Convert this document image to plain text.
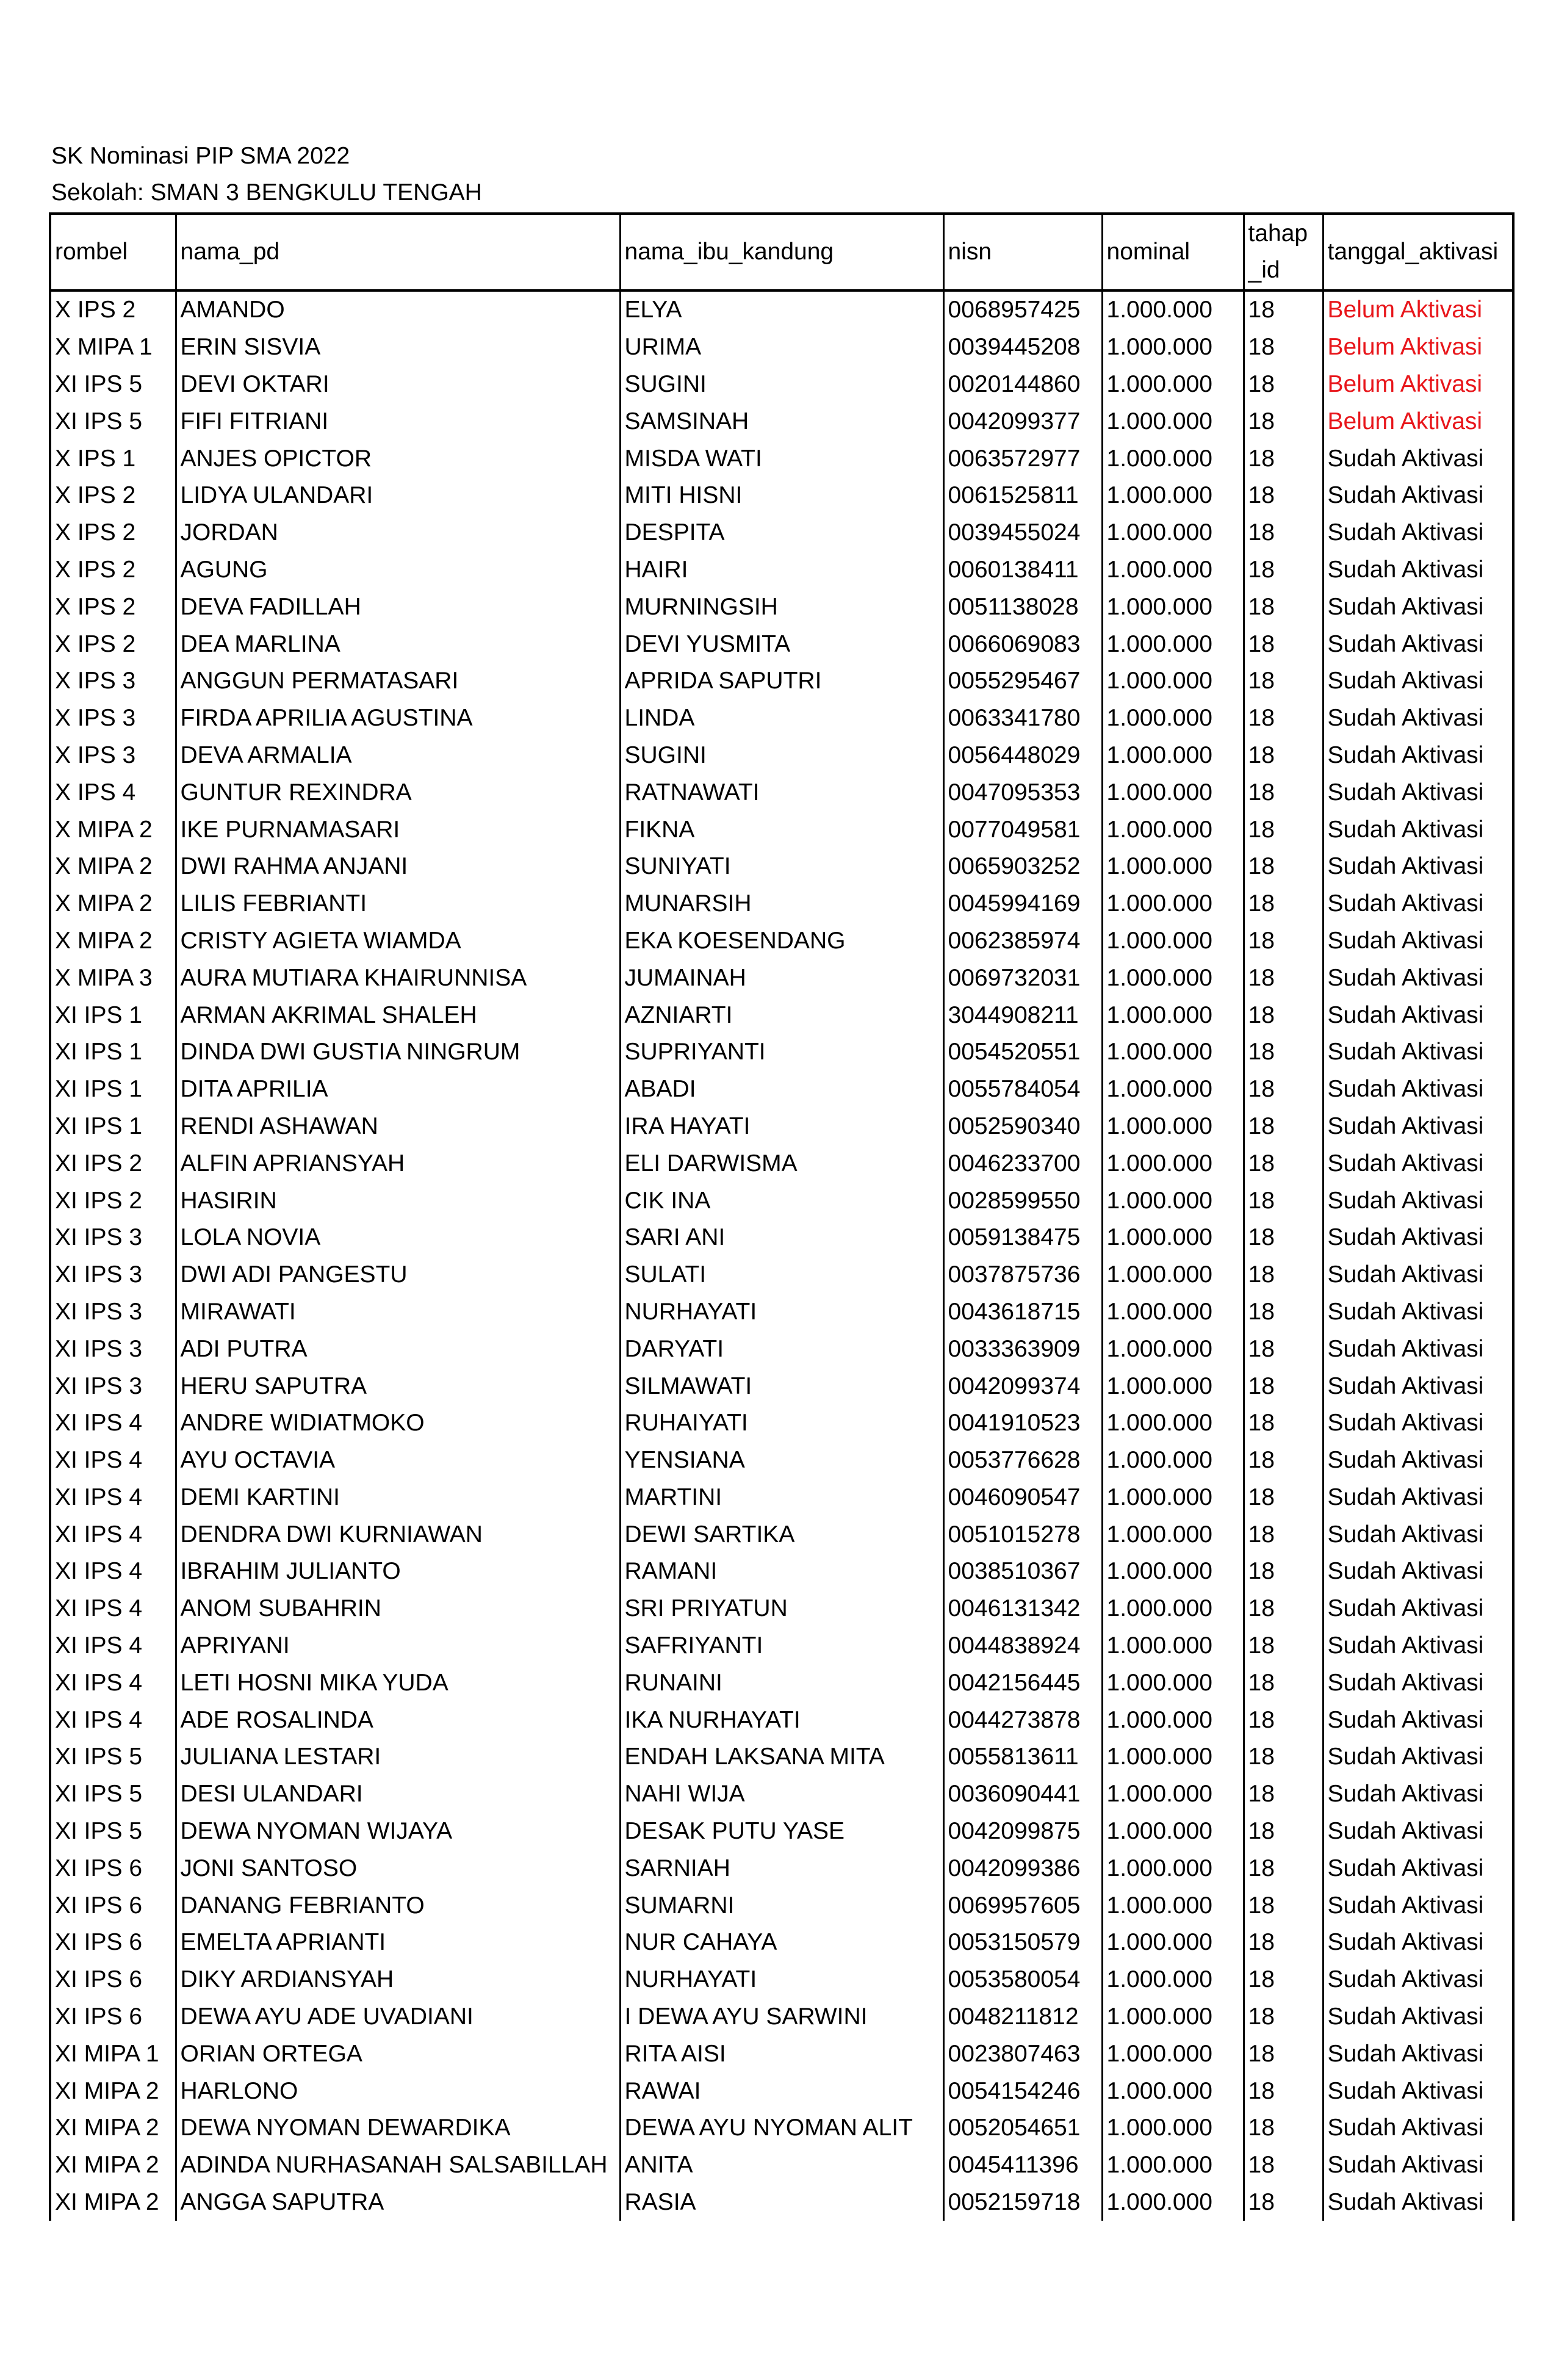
SK Nominasi PIP SMA 2022
Sekolah: SMAN 3 BENGKULU TENGAH
rombel	nama_pd	nama_ibu_kandung	nisn	nominal	tahap_id	tanggal_aktivasi
X IPS 2	AMANDO	ELYA	0068957425	1.000.000	18	Belum Aktivasi
X MIPA 1	ERIN SISVIA	URIMA	0039445208	1.000.000	18	Belum Aktivasi
XI IPS 5	DEVI OKTARI	SUGINI	0020144860	1.000.000	18	Belum Aktivasi
XI IPS 5	FIFI FITRIANI	SAMSINAH	0042099377	1.000.000	18	Belum Aktivasi
X IPS 1	ANJES OPICTOR	MISDA WATI	0063572977	1.000.000	18	Sudah Aktivasi
X IPS 2	LIDYA ULANDARI	MITI HISNI	0061525811	1.000.000	18	Sudah Aktivasi
X IPS 2	JORDAN	DESPITA	0039455024	1.000.000	18	Sudah Aktivasi
X IPS 2	AGUNG	HAIRI	0060138411	1.000.000	18	Sudah Aktivasi
X IPS 2	DEVA FADILLAH	MURNINGSIH	0051138028	1.000.000	18	Sudah Aktivasi
X IPS 2	DEA MARLINA	DEVI YUSMITA	0066069083	1.000.000	18	Sudah Aktivasi
X IPS 3	ANGGUN PERMATASARI	APRIDA SAPUTRI	0055295467	1.000.000	18	Sudah Aktivasi
X IPS 3	FIRDA APRILIA AGUSTINA	LINDA	0063341780	1.000.000	18	Sudah Aktivasi
X IPS 3	DEVA ARMALIA	SUGINI	0056448029	1.000.000	18	Sudah Aktivasi
X IPS 4	GUNTUR REXINDRA	RATNAWATI	0047095353	1.000.000	18	Sudah Aktivasi
X MIPA 2	IKE PURNAMASARI	FIKNA	0077049581	1.000.000	18	Sudah Aktivasi
X MIPA 2	DWI RAHMA ANJANI	SUNIYATI	0065903252	1.000.000	18	Sudah Aktivasi
X MIPA 2	LILIS FEBRIANTI	MUNARSIH	0045994169	1.000.000	18	Sudah Aktivasi
X MIPA 2	CRISTY AGIETA WIAMDA	EKA KOESENDANG	0062385974	1.000.000	18	Sudah Aktivasi
X MIPA 3	AURA MUTIARA KHAIRUNNISA	JUMAINAH	0069732031	1.000.000	18	Sudah Aktivasi
XI IPS 1	ARMAN AKRIMAL SHALEH	AZNIARTI	3044908211	1.000.000	18	Sudah Aktivasi
XI IPS 1	DINDA DWI GUSTIA NINGRUM	SUPRIYANTI	0054520551	1.000.000	18	Sudah Aktivasi
XI IPS 1	DITA APRILIA	ABADI	0055784054	1.000.000	18	Sudah Aktivasi
XI IPS 1	RENDI ASHAWAN	IRA HAYATI	0052590340	1.000.000	18	Sudah Aktivasi
XI IPS 2	ALFIN APRIANSYAH	ELI DARWISMA	0046233700	1.000.000	18	Sudah Aktivasi
XI IPS 2	HASIRIN	CIK INA	0028599550	1.000.000	18	Sudah Aktivasi
XI IPS 3	LOLA NOVIA	SARI ANI	0059138475	1.000.000	18	Sudah Aktivasi
XI IPS 3	DWI ADI PANGESTU	SULATI	0037875736	1.000.000	18	Sudah Aktivasi
XI IPS 3	MIRAWATI	NURHAYATI	0043618715	1.000.000	18	Sudah Aktivasi
XI IPS 3	ADI PUTRA	DARYATI	0033363909	1.000.000	18	Sudah Aktivasi
XI IPS 3	HERU SAPUTRA	SILMAWATI	0042099374	1.000.000	18	Sudah Aktivasi
XI IPS 4	ANDRE WIDIATMOKO	RUHAIYATI	0041910523	1.000.000	18	Sudah Aktivasi
XI IPS 4	AYU OCTAVIA	YENSIANA	0053776628	1.000.000	18	Sudah Aktivasi
XI IPS 4	DEMI KARTINI	MARTINI	0046090547	1.000.000	18	Sudah Aktivasi
XI IPS 4	DENDRA DWI KURNIAWAN	DEWI SARTIKA	0051015278	1.000.000	18	Sudah Aktivasi
XI IPS 4	IBRAHIM JULIANTO	RAMANI	0038510367	1.000.000	18	Sudah Aktivasi
XI IPS 4	ANOM SUBAHRIN	SRI PRIYATUN	0046131342	1.000.000	18	Sudah Aktivasi
XI IPS 4	APRIYANI	SAFRIYANTI	0044838924	1.000.000	18	Sudah Aktivasi
XI IPS 4	LETI HOSNI MIKA YUDA	RUNAINI	0042156445	1.000.000	18	Sudah Aktivasi
XI IPS 4	ADE ROSALINDA	IKA NURHAYATI	0044273878	1.000.000	18	Sudah Aktivasi
XI IPS 5	JULIANA LESTARI	ENDAH LAKSANA MITA	0055813611	1.000.000	18	Sudah Aktivasi
XI IPS 5	DESI ULANDARI	NAHI WIJA	0036090441	1.000.000	18	Sudah Aktivasi
XI IPS 5	DEWA NYOMAN WIJAYA	DESAK PUTU YASE	0042099875	1.000.000	18	Sudah Aktivasi
XI IPS 6	JONI SANTOSO	SARNIAH	0042099386	1.000.000	18	Sudah Aktivasi
XI IPS 6	DANANG FEBRIANTO	SUMARNI	0069957605	1.000.000	18	Sudah Aktivasi
XI IPS 6	EMELTA APRIANTI	NUR CAHAYA	0053150579	1.000.000	18	Sudah Aktivasi
XI IPS 6	DIKY ARDIANSYAH	NURHAYATI	0053580054	1.000.000	18	Sudah Aktivasi
XI IPS 6	DEWA AYU ADE UVADIANI	I DEWA AYU SARWINI	0048211812	1.000.000	18	Sudah Aktivasi
XI MIPA 1	ORIAN ORTEGA	RITA AISI	0023807463	1.000.000	18	Sudah Aktivasi
XI MIPA 2	HARLONO	RAWAI	0054154246	1.000.000	18	Sudah Aktivasi
XI MIPA 2	DEWA NYOMAN DEWARDIKA	DEWA AYU NYOMAN ALIT	0052054651	1.000.000	18	Sudah Aktivasi
XI MIPA 2	ADINDA NURHASANAH SALSABILLAH	ANITA	0045411396	1.000.000	18	Sudah Aktivasi
XI MIPA 2	ANGGA SAPUTRA	RASIA	0052159718	1.000.000	18	Sudah Aktivasi
